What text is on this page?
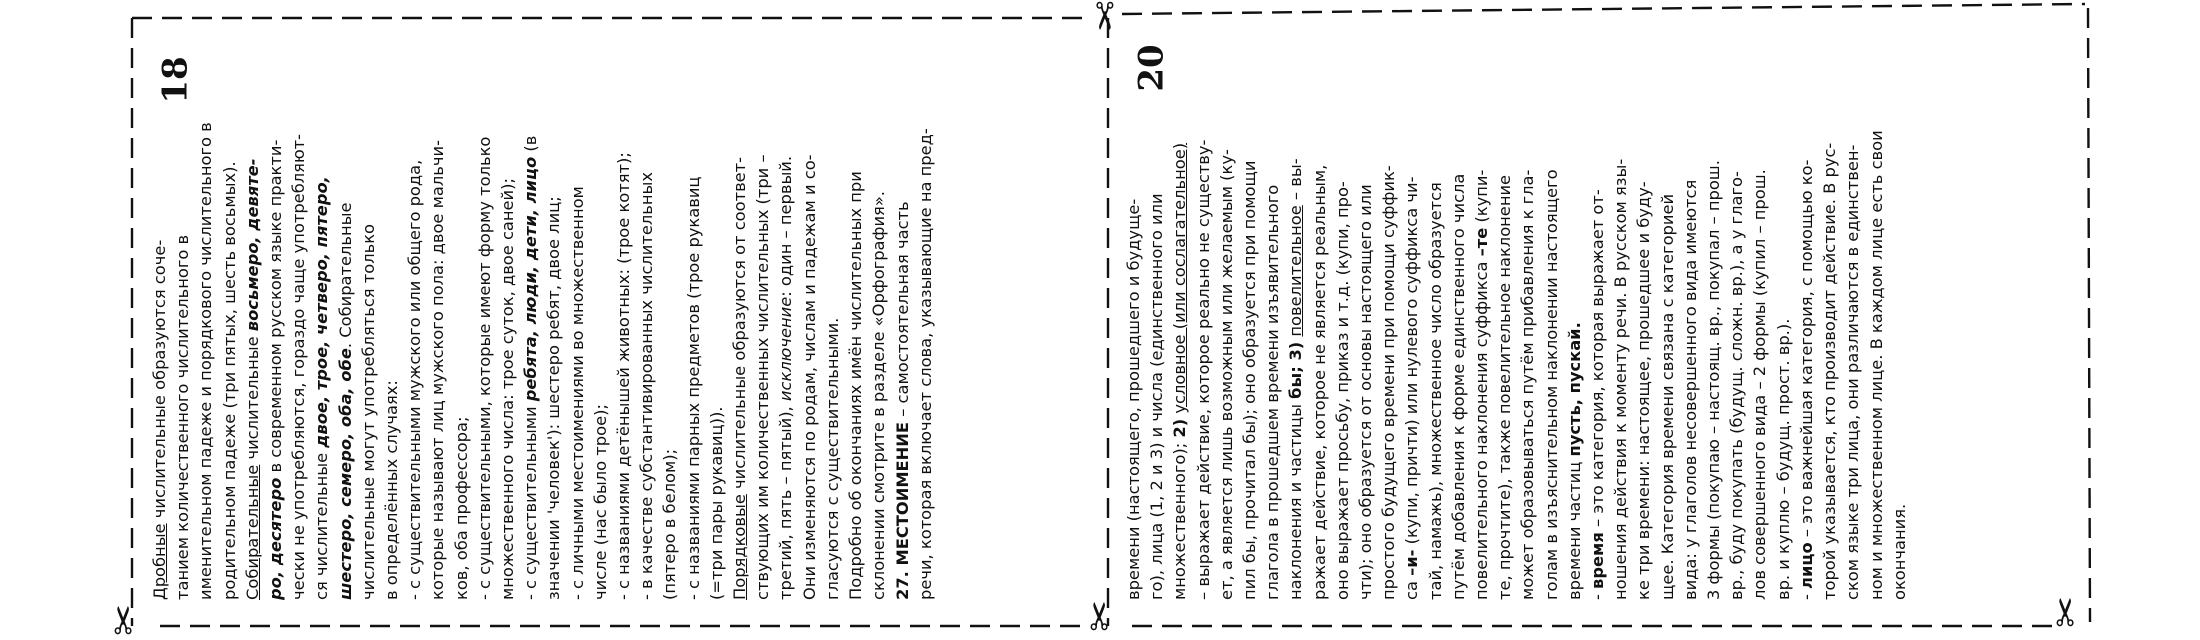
✂
✂
✂	✂
18	20

Дробные числительные образуются соче- танием количественного числительного в именительном падеже и порядкового числительного в родительном падеже (три пятых, шесть восьмых). Собирательные числительные восьмеро, девяте-

ро, десятеро в современном русском языке практи- чески не употребляются, гораздо чаще употребляют- ся числительные двое, трое, четверо, пятеро,

шестеро, семеро, оба, обе. Собирательные числительные могут употребляться только в определённых случаях: - с существительными мужского или общего рода, которые называют лиц мужского пола: двое мальчи- ков, оба профессора; - с существительными, которые имеют форму только множественного числа: трое суток, двое саней); - с существительными ребята, люди, дети, лицо (в

значении 'человек'): шестеро ребят, двое лиц; - с личными местоимениями во множественном числе (нас было трое); - с названиями детёнышей животных: (трое котят); - в качестве субстантивированных числительных (пятеро в белом); - с названиями парных предметов (трое рукавиц (=три пары рукавиц)). Порядковые числительные образуются от соответ- ствующих им количественных числительных (три – третий, пять – пятый), исключение: один – первый. Они изменяются по родам, числам и падежам и со- гласуются с существительными. Подробно об окончаниях имён числительных при склонении смотрите в разделе «Орфография». 27. МЕСТОИМЕНИЕ – самостоятельная часть речи, которая включает слова, указывающие на пред-	времени (настоящего, прошедшего и будуще- го), лица (1, 2 и 3) и числа (единственного или множественного); 2) условное (или сослагательное) – выражает действие, которое реально не существу- ет, а является лишь возможным или желаемым (ку- пил бы, прочитал бы); оно образуется при помощи глагола в прошедшем времени изъявительного наклонения и частицы бы; 3) повелительное – вы- ражает действие, которое не является реальным, оно выражает просьбу, приказ и т.д. (купи, про- чти); оно образуется от основы настоящего или простого будущего времени при помощи суффик- са –и- (купи, причти) или нулевого суффикса чи- тай, намажь), множественное число образуется путём добавления к форме единственного числа повелительного наклонения суффикса –те (купи- те, прочтите), также повелительное наклонение может образовываться путём прибавления к гла- голам в изъяснительном наклонении настоящего времени частиц пусть, пускай.

- время – это категория, которая выражает от- ношения действия к моменту речи. В русском язы- ке три времени: настоящее, прошедшее и буду- щее. Категория времени связана с категорией вида: у глаголов несовершенного вида имеются 3 формы (покупаю – настоящ. вр., покупал – прош. вр., буду покупать (будущ. сложн. вр.), а у глаго- лов совершенного вида – 2 формы (купил – прош. вр. и куплю – будущ. прост. вр.). - лицо – это важнейшая категория, с помощью ко- торой указывается, кто производит действие. В рус- ском языке три лица, они различаются в единствен- ном и множественном лице. В каждом лице есть свои окончания.
